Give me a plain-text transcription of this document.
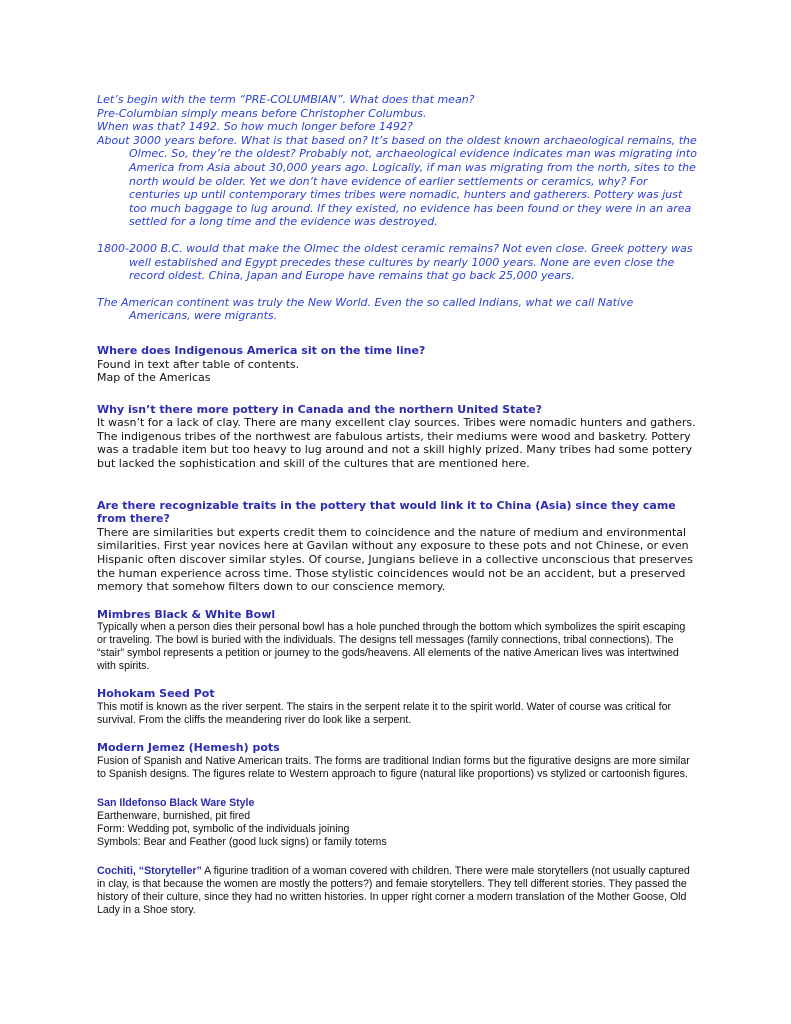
Let’s begin with the term “PRE-COLUMBIAN”. What does that mean?

Pre-Columbian simply means before Christopher Columbus.

When was that? 1492. So how much longer before 1492?

About 3000 years before. What is that based on? It’s based on the oldest known archaeological remains, the Olmec. So, they’re the oldest? Probably not, archaeological evidence indicates man was migrating into America from Asia about 30,000 years ago. Logically, if man was migrating from the north, sites to the north would be older. Yet we don’t have evidence of earlier settlements or ceramics, why? For centuries up until contemporary times tribes were nomadic, hunters and gatherers. Pottery was just too much baggage to lug around. If they existed, no evidence has been found or they were in an area settled for a long time and the evidence was destroyed.

1800-2000 B.C. would that make the Olmec the oldest ceramic remains? Not even close. Greek pottery was well established and Egypt precedes these cultures by nearly 1000 years. None are even close the record oldest. China, Japan and Europe have remains that go back 25,000 years.

The American continent was truly the New World. Even the so called Indians, what we call Native Americans, were migrants.

Where does Indigenous America sit on the time line?

Found in text after table of contents.

Map of the Americas

Why isn’t there more pottery in Canada and the northern United State?

It wasn’t for a lack of clay. There are many excellent clay sources. Tribes were nomadic hunters and gathers. The indigenous tribes of the northwest are fabulous artists, their mediums were wood and basketry. Pottery was a tradable item but too heavy to lug around and not a skill highly prized. Many tribes had some pottery but lacked the sophistication and skill of the cultures that are mentioned here.

Are there recognizable traits in the pottery that would link it to China (Asia) since they came from there?

There are similarities but experts credit them to coincidence and the nature of medium and environmental similarities. First year novices here at Gavilan without any exposure to these pots and not Chinese, or even Hispanic often discover similar styles. Of course, Jungians believe in a collective unconscious that preserves the human experience across time. Those stylistic coincidences would not be an accident, but a preserved memory that somehow filters down to our conscience memory.

Mimbres Black & White Bowl

Typically when a person dies their personal bowl has a hole punched through the bottom which symbolizes the spirit escaping or traveling. The bowl is buried with the individuals. The designs tell messages (family connections, tribal connections). The “stair” symbol represents a petition or journey to the gods/heavens. All elements of the native American lives was intertwined with spirits.

Hohokam Seed Pot

This motif is known as the river serpent. The stairs in the serpent relate it to the spirit world. Water of course was critical for survival. From the cliffs the meandering river do look like a serpent.

Modern Jemez (Hemesh) pots

Fusion of Spanish and Native American traits. The forms are traditional Indian forms but the figurative designs are more similar to Spanish designs. The figures relate to Western approach to figure (natural like proportions) vs stylized or cartoonish figures.

San Ildefonso Black Ware Style

Earthenware, burnished, pit fired

Form: Wedding pot, symbolic of the individuals joining

Symbols: Bear and Feather (good luck signs) or family totems

Cochiti, “Storyteller” A figurine tradition of a woman covered with children. There were male storytellers (not usually captured in clay, is that because the women are mostly the potters?) and femaie storytellers. They tell different stories. They passed the history of their culture, since they had no written histories. In upper right corner a modern translation of the Mother Goose, Old Lady in a Shoe story.
